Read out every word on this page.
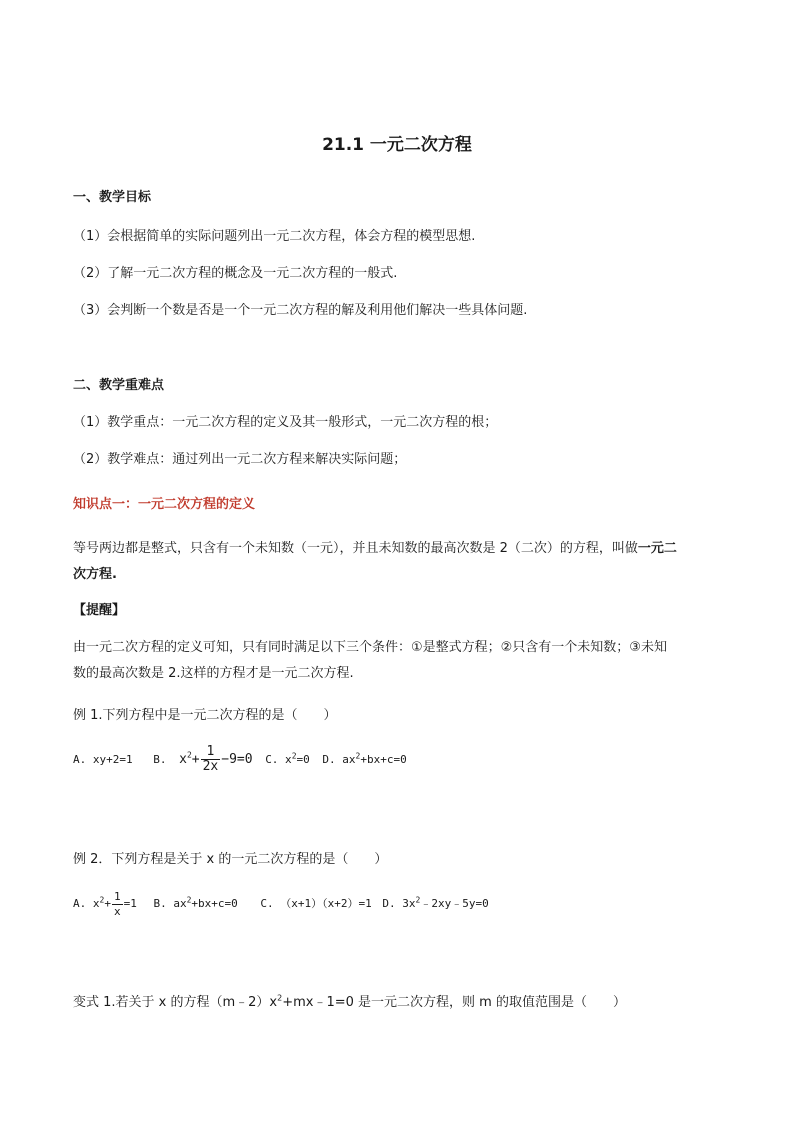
21.1 一元二次方程
一、教学目标
（1）会根据简单的实际问题列出一元二次方程，体会方程的模型思想.
（2）了解一元二次方程的概念及一元二次方程的一般式.
（3）会判断一个数是否是一个一元二次方程的解及利用他们解决一些具体问题.
二、教学重难点
（1）教学重点：一元二次方程的定义及其一般形式，一元二次方程的根；
（2）教学难点：通过列出一元二次方程来解决实际问题；
知识点一：一元二次方程的定义
等号两边都是整式，只含有一个未知数（一元），并且未知数的最高次数是 2（二次）的方程，叫做一元二
次方程.
【提醒】
由一元二次方程的定义可知，只有同时满足以下三个条件：①是整式方程；②只含有一个未知数；③未知
数的最高次数是 2.这样的方程才是一元二次方程.
例 1.下列方程中是一元二次方程的是（　　）
A. xy+2=1 B. $x^2+ \frac{1}{2x} -9=0$ C. $x^2=0$ D. $ax^2+bx+c=0$
例 2．下列方程是关于 x 的一元二次方程的是（　　）
A. $x^2+ \frac{1}{x} =1$ B. $ax^2+bx+c=0$ C. （x+1）（x+2）=1 D. $3x^2﹣2xy﹣5y=0$
变式 1.若关于 x 的方程$(m﹣2)x^2+mx﹣1=0$ 是一元二次方程，则 m 的取值范围是（　　）
